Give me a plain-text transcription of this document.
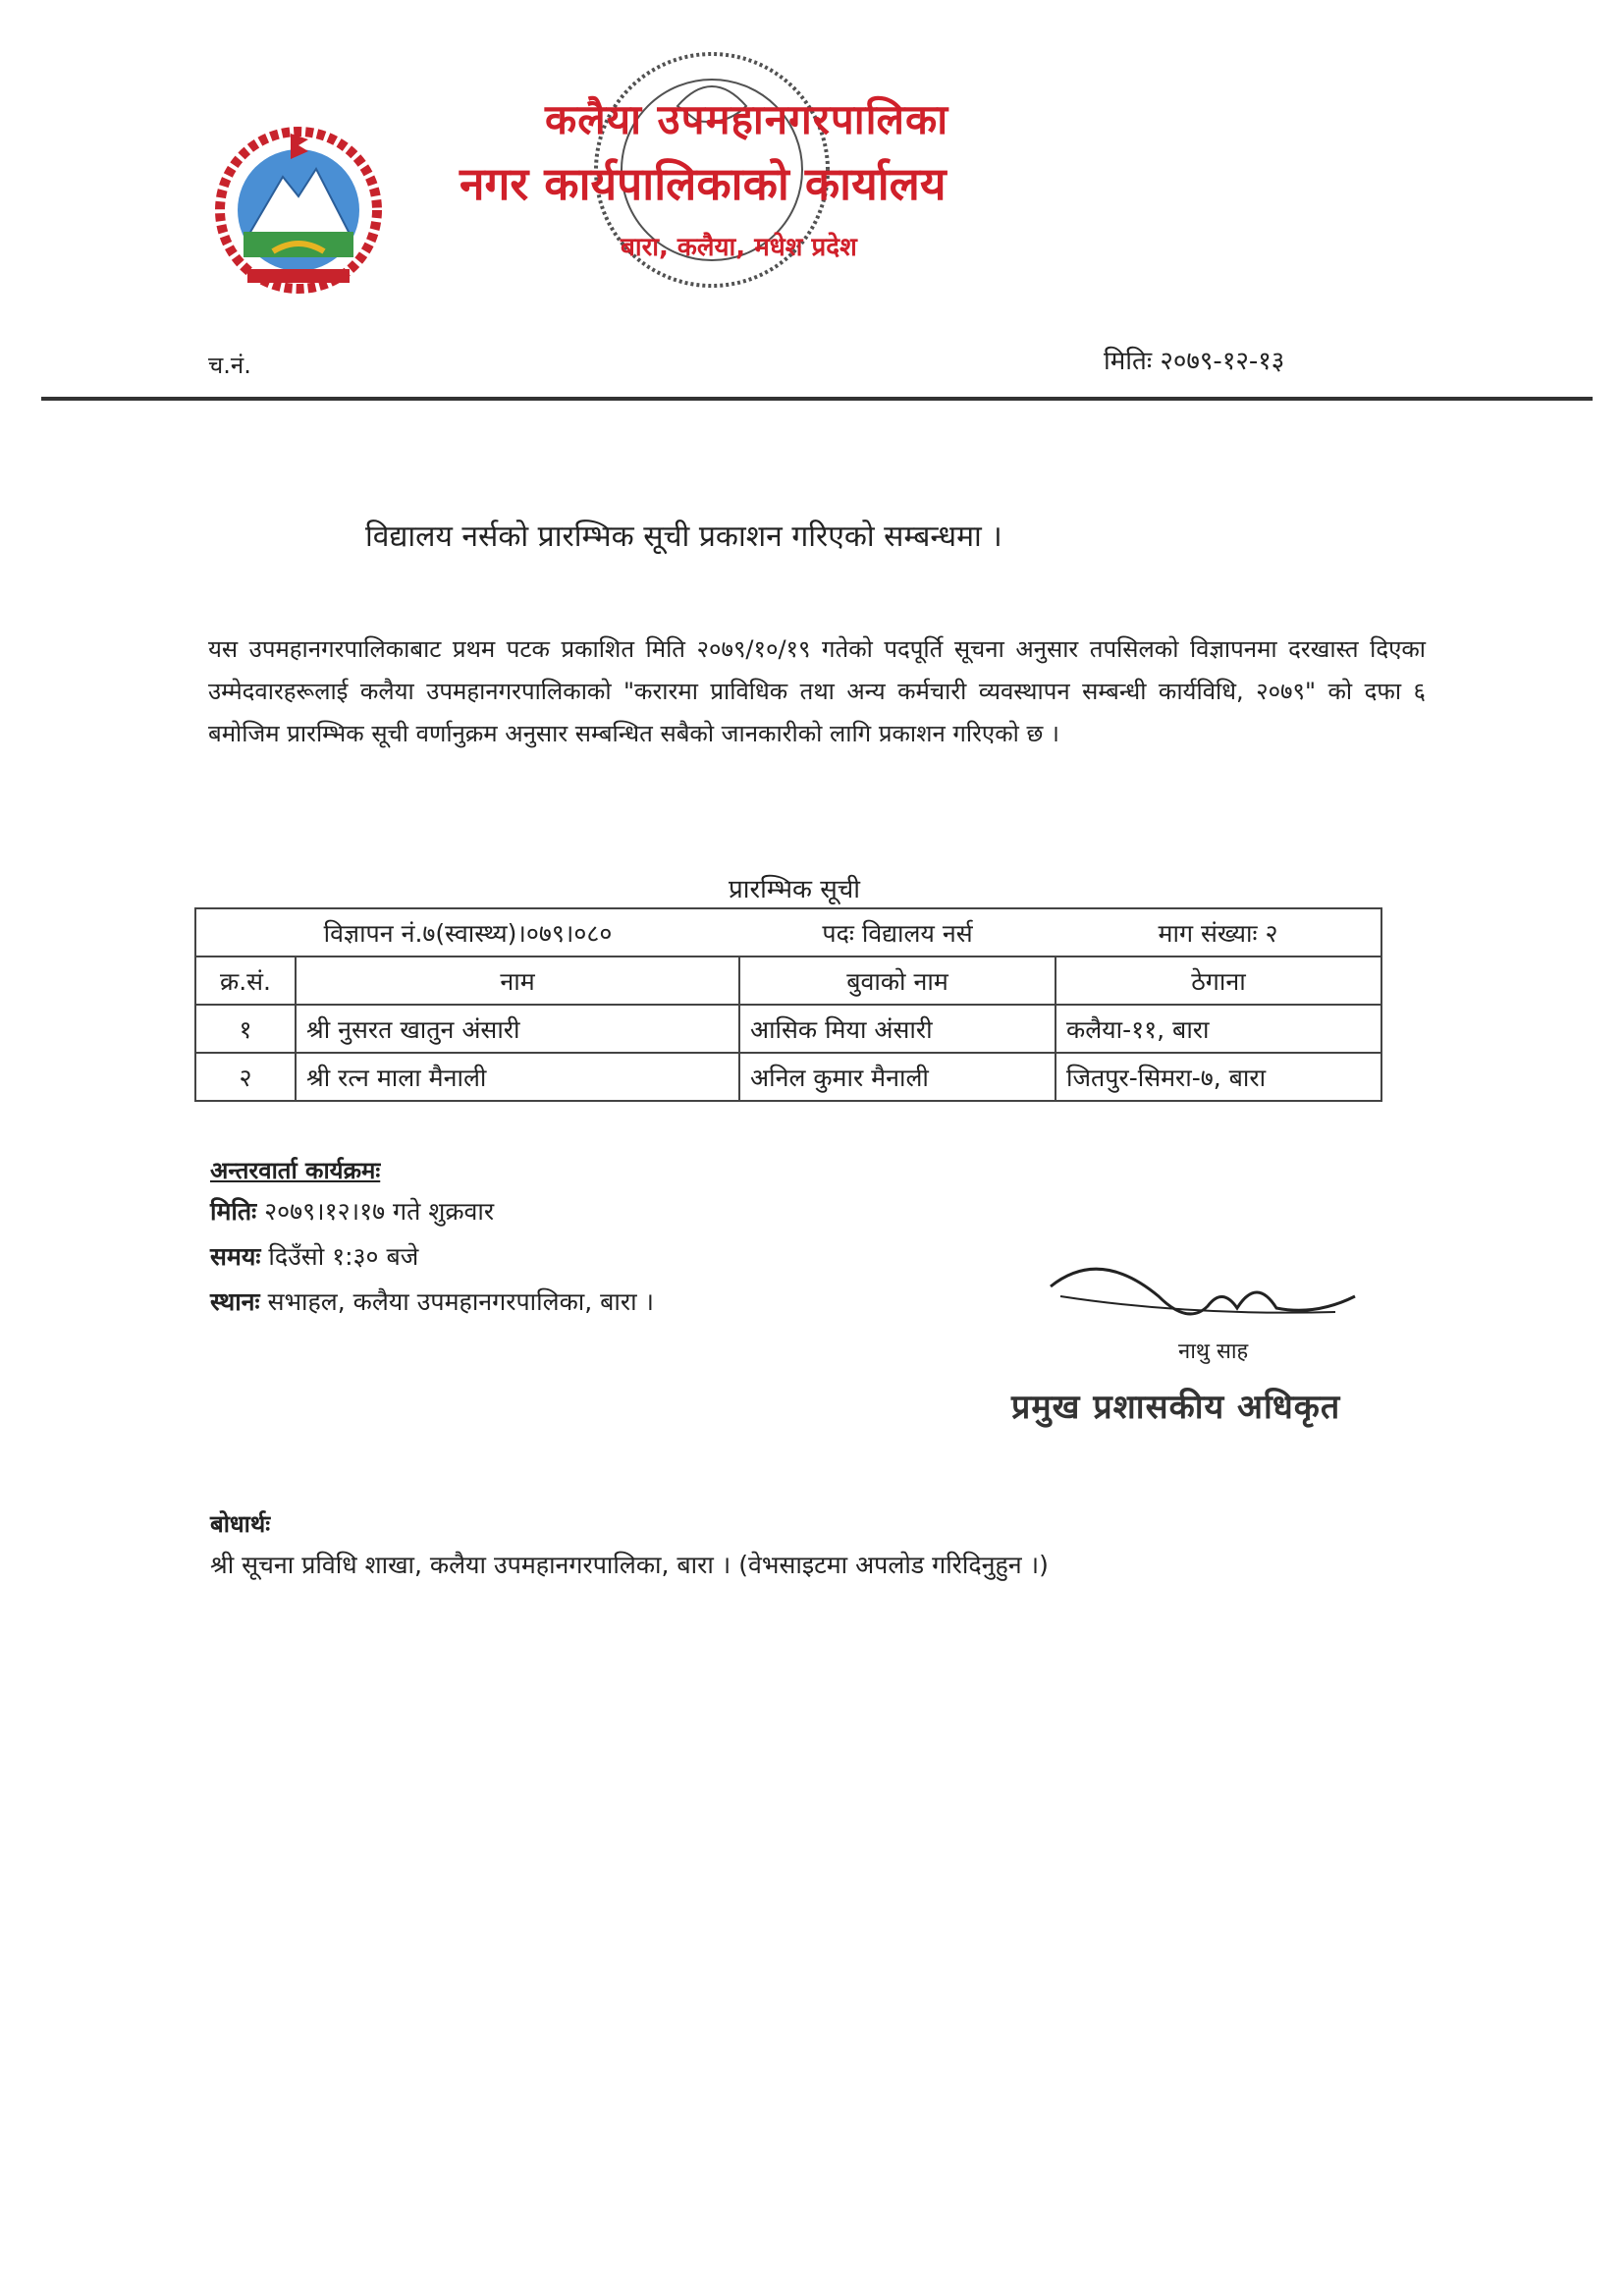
कलैया उपमहानगरपालिका
नगर कार्यपालिकाको कार्यालय
बारा, कलैया, मधेश प्रदेश
च.नं.	मितिः २०७९-१२-१३
विद्यालय नर्सको प्रारम्भिक सूची प्रकाशन गरिएको सम्बन्धमा ।
यस उपमहानगरपालिकाबाट प्रथम पटक प्रकाशित मिति २०७९/१०/१९ गतेको पदपूर्ति सूचना अनुसार तपसिलको विज्ञापनमा दरखास्त दिएका उम्मेदवारहरूलाई कलैया उपमहानगरपालिकाको "करारमा प्राविधिक तथा अन्य कर्मचारी व्यवस्थापन सम्बन्धी कार्यविधि, २०७९" को दफा ६ बमोजिम प्रारम्भिक सूची वर्णानुक्रम अनुसार सम्बन्धित सबैको जानकारीको लागि प्रकाशन गरिएको छ ।
प्रारम्भिक सूची
विज्ञापन नं.७(स्वास्थ्य)।०७९।०८०		पदः विद्यालय नर्स	माग संख्याः २
क्र.सं.	नाम	बुवाको नाम	ठेगाना
१	श्री नुसरत खातुन अंसारी	आसिक मिया अंसारी	कलैया-११, बारा
२	श्री रत्न माला मैनाली	अनिल कुमार मैनाली	जितपुर-सिमरा-७, बारा
अन्तरवार्ता कार्यक्रमः
मितिः २०७९।१२।१७ गते शुक्रवार
समयः दिउँसो १:३० बजे
स्थानः सभाहल, कलैया उपमहानगरपालिका, बारा ।
नाथु साह
प्रमुख प्रशासकीय अधिकृत
बोधार्थः
श्री सूचना प्रविधि शाखा, कलैया उपमहानगरपालिका, बारा । (वेभसाइटमा अपलोड गरिदिनुहुन ।)
